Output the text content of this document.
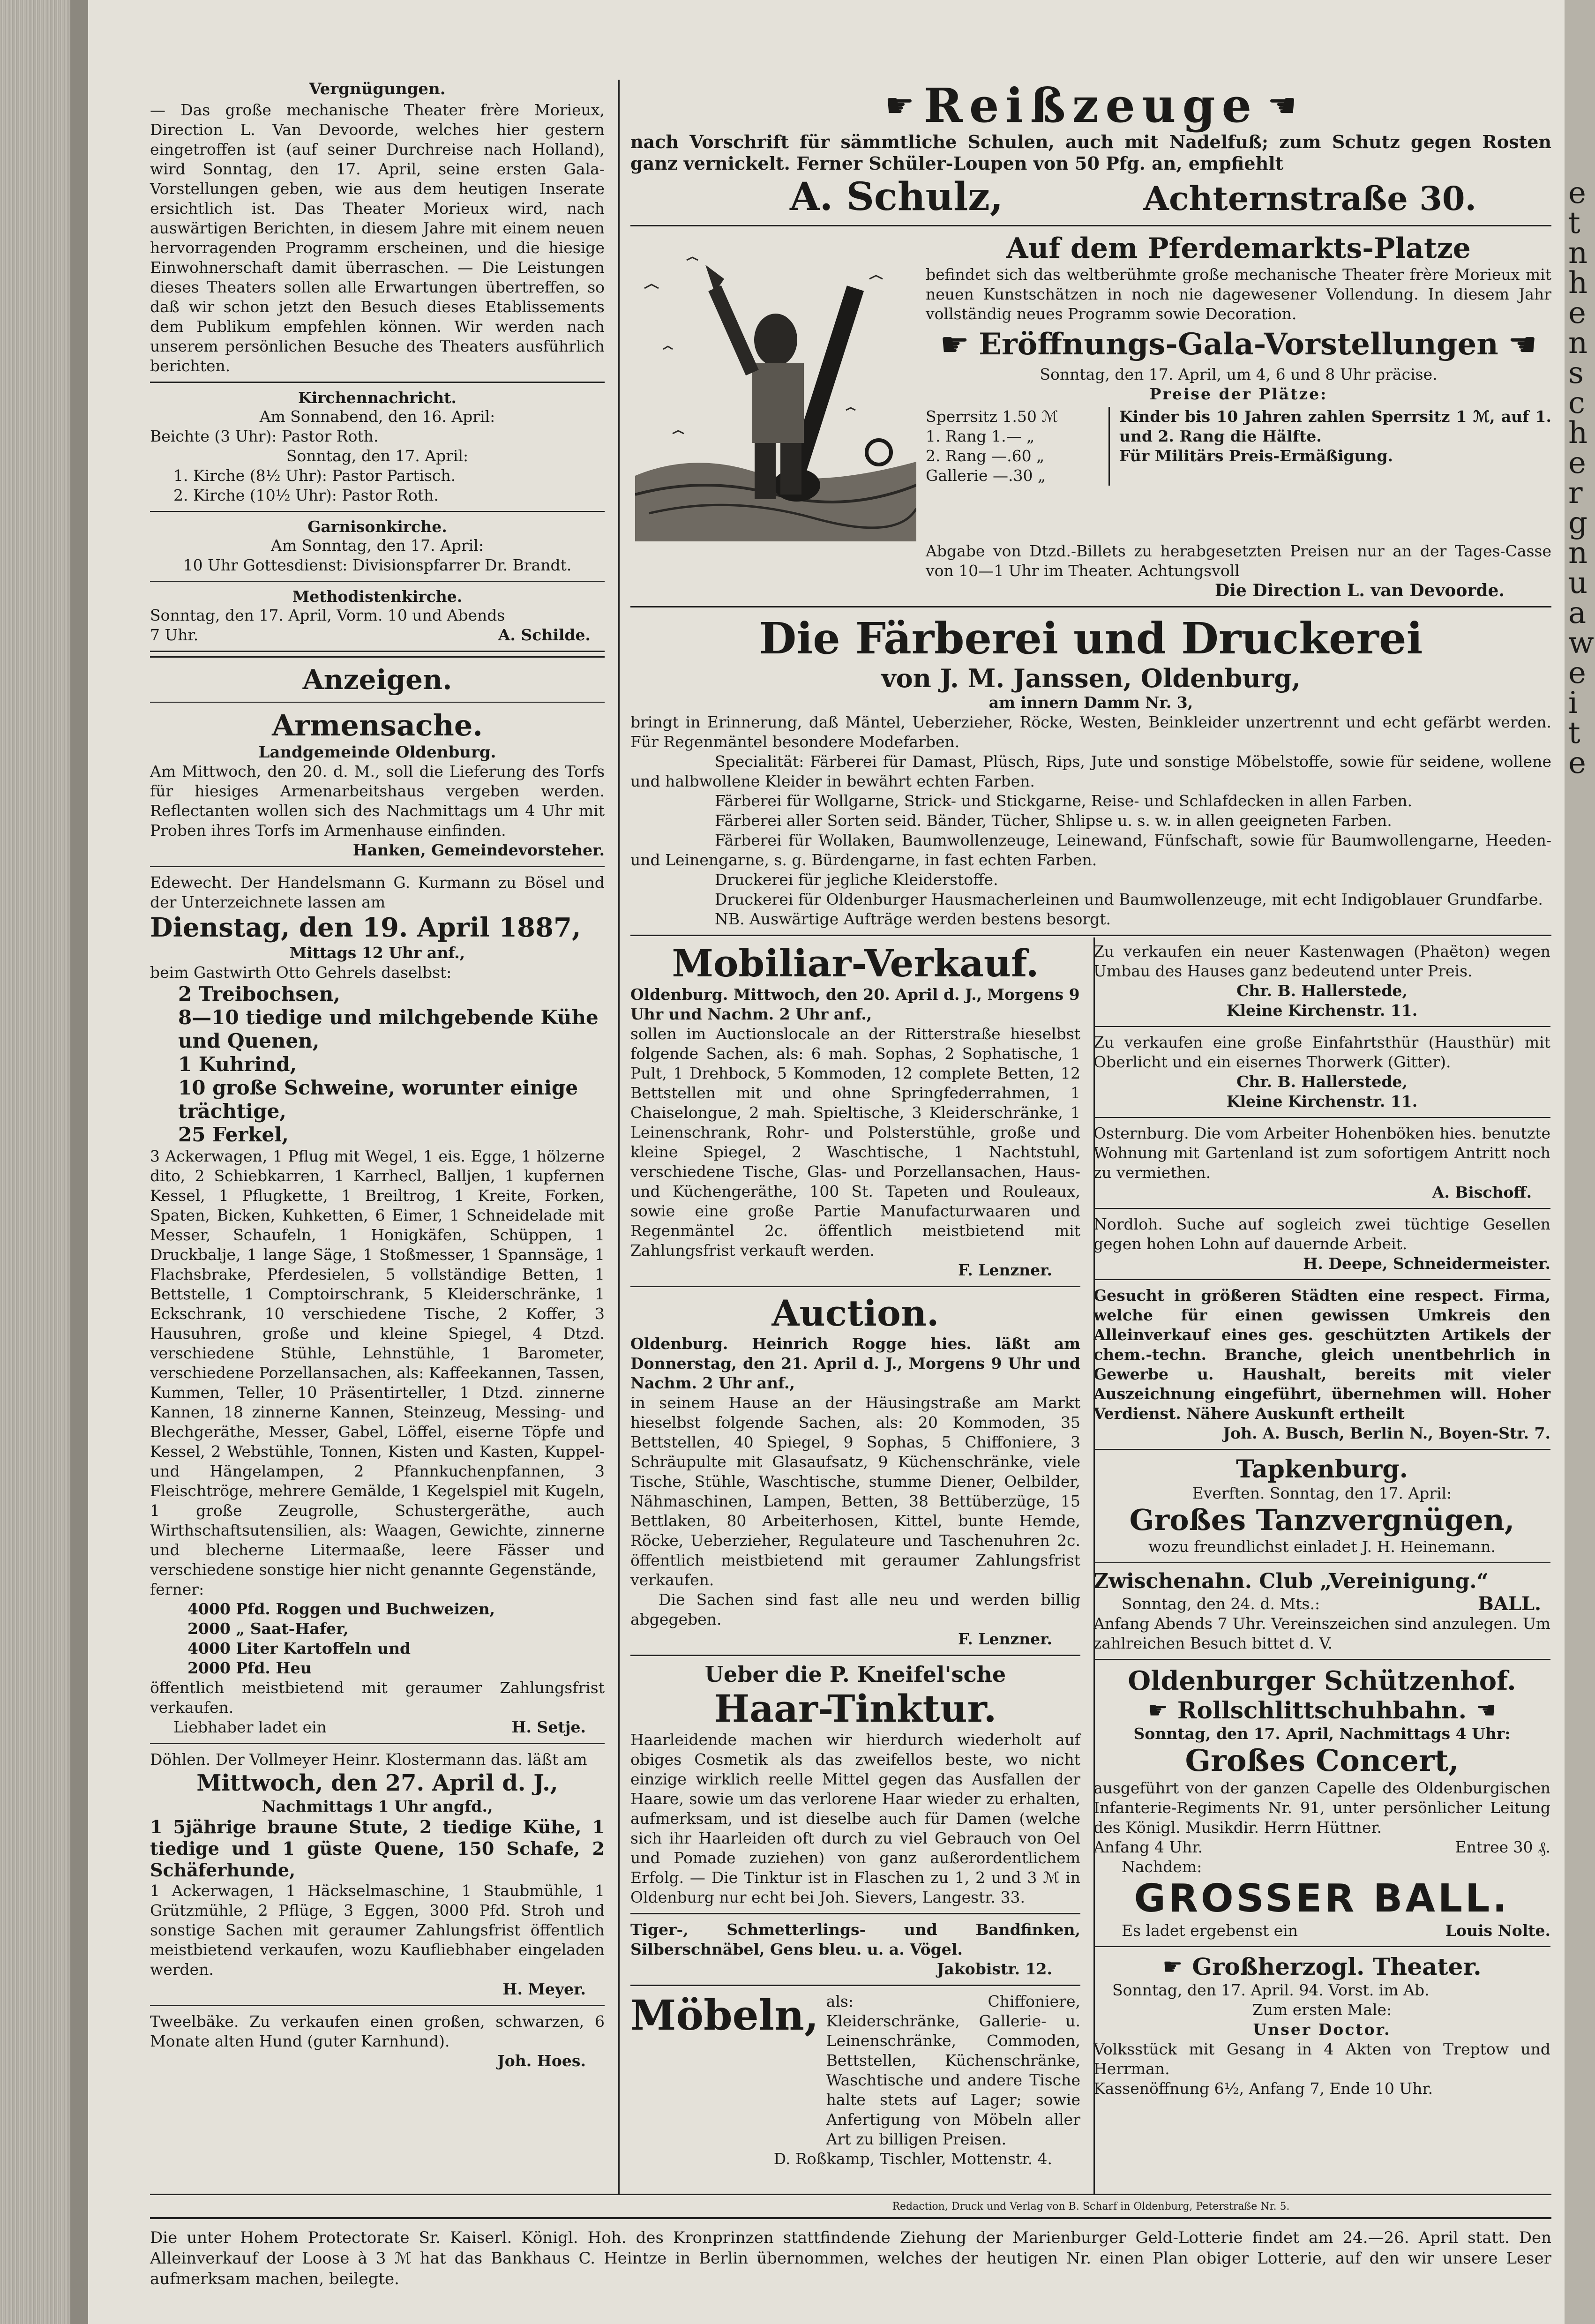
e
t
n
h
e
n
s
c
h
e
r
g
n
u
a
w
e
i
t
e
Vergnügungen.

— Das große mechanische Theater frère Morieux, Direction L. Van Devoorde, welches hier gestern eingetroffen ist (auf seiner Durchreise nach Holland), wird Sonntag, den 17. April, seine ersten Gala-Vorstellungen geben, wie aus dem heutigen Inserate ersichtlich ist. Das Theater Morieux wird, nach auswärtigen Berichten, in diesem Jahre mit einem neuen hervorragenden Programm erscheinen, und die hiesige Einwohnerschaft damit überraschen. — Die Leistungen dieses Theaters sollen alle Erwartungen übertreffen, so daß wir schon jetzt den Besuch dieses Etablissements dem Publikum empfehlen können. Wir werden nach unserem persönlichen Besuche des Theaters ausführlich berichten.

Kirchennachricht.
Am Sonnabend, den 16. April:
Beichte (3 Uhr): Pastor Roth.
Sonntag, den 17. April:
1. Kirche (8½ Uhr): Pastor Partisch.
2. Kirche (10½ Uhr): Pastor Roth.
Garnisonkirche.
Am Sonntag, den 17. April:
10 Uhr Gottesdienst: Divisionspfarrer Dr. Brandt.
Methodistenkirche.
Sonntag, den 17. April, Vorm. 10 und Abends
7 Uhr.	A. Schilde.
Anzeigen.
Armensache.
Landgemeinde Oldenburg.

Am Mittwoch, den 20. d. M., soll die Lieferung des Torfs für hiesiges Armenarbeitshaus vergeben werden. Reflectanten wollen sich des Nachmittags um 4 Uhr mit Proben ihres Torfs im Armenhause einfinden.

Hanken, Gemeindevorsteher.

Edewecht. Der Handelsmann G. Kurmann zu Bösel und der Unterzeichnete lassen am

Dienstag, den 19. April 1887,
Mittags 12 Uhr anf.,
beim Gastwirth Otto Gehrels daselbst:
2 Treibochsen,
8—10 tiedige und milchgebende Kühe und Quenen,
1 Kuhrind,
10 große Schweine, worunter einige trächtige,
25 Ferkel,

3 Ackerwagen, 1 Pflug mit Wegel, 1 eis. Egge, 1 hölzerne dito, 2 Schiebkarren, 1 Karrhecl, Balljen, 1 kupfernen Kessel, 1 Pflugkette, 1 Breiltrog, 1 Kreite, Forken, Spaten, Bicken, Kuhketten, 6 Eimer, 1 Schneidelade mit Messer, Schaufeln, 1 Honigkäfen, Schüppen, 1 Druckbalje, 1 lange Säge, 1 Stoßmesser, 1 Spannsäge, 1 Flachsbrake, Pferdesielen, 5 vollständige Betten, 1 Bettstelle, 1 Comptoirschrank, 5 Kleiderschränke, 1 Eckschrank, 10 verschiedene Tische, 2 Koffer, 3 Hausuhren, große und kleine Spiegel, 4 Dtzd. verschiedene Stühle, Lehnstühle, 1 Barometer, verschiedene Porzellansachen, als: Kaffeekannen, Tassen, Kummen, Teller, 10 Präsentirteller, 1 Dtzd. zinnerne Kannen, 18 zinnerne Kannen, Steinzeug, Messing- und Blechgeräthe, Messer, Gabel, Löffel, eiserne Töpfe und Kessel, 2 Webstühle, Tonnen, Kisten und Kasten, Kuppel- und Hängelampen, 2 Pfannkuchenpfannen, 3 Fleischtröge, mehrere Gemälde, 1 Kegelspiel mit Kugeln, 1 große Zeugrolle, Schustergeräthe, auch Wirthschaftsutensilien, als: Waagen, Gewichte, zinnerne und blecherne Litermaaße, leere Fässer und verschiedene sonstige hier nicht genannte Gegenstände,

ferner:
4000 Pfd. Roggen und Buchweizen,
2000 „ Saat-Hafer,
4000 Liter Kartoffeln und
2000 Pfd. Heu

öffentlich meistbietend mit geraumer Zahlungsfrist verkaufen.

Liebhaber ladet ein	H. Setje.

Döhlen. Der Vollmeyer Heinr. Klostermann das. läßt am

Mittwoch, den 27. April d. J.,
Nachmittags 1 Uhr angfd.,

1 5jährige braune Stute, 2 tiedige Kühe, 1 tiedige und 1 güste Quene, 150 Schafe, 2 Schäferhunde,

1 Ackerwagen, 1 Häckselmaschine, 1 Staubmühle, 1 Grützmühle, 2 Pflüge, 3 Eggen, 3000 Pfd. Stroh und sonstige Sachen mit geraumer Zahlungsfrist öffentlich meistbietend verkaufen, wozu Kaufliebhaber eingeladen werden.

H. Meyer.

Tweelbäke. Zu verkaufen einen großen, schwarzen, 6 Monate alten Hund (guter Karnhund).

Joh. Hoes.
☛ Reißzeuge ☚

nach Vorschrift für sämmtliche Schulen, auch mit Nadelfuß; zum Schutz gegen Rosten ganz vernickelt. Ferner Schüler-Loupen von 50 Pfg. an, empfiehlt

A. Schulz,	Achternstraße 30.
Auf dem Pferdemarkts-Platze

befindet sich das weltberühmte große mechanische Theater frère Morieux mit neuen Kunstschätzen in noch nie dagewesener Vollendung. In diesem Jahr vollständig neues Programm sowie Decoration.

☛ Eröffnungs-Gala-Vorstellungen ☚
Sonntag, den 17. April, um 4, 6 und 8 Uhr präcise.
Preise der Plätze:
Sperrsitz 1.50 ℳ
1. Rang 1.— „
2. Rang —.60 „
Gallerie —.30 „

Kinder bis 10 Jahren zahlen Sperrsitz 1 ℳ, auf 1. und 2. Rang die Hälfte.

Für Militärs Preis-Ermäßigung.

Abgabe von Dtzd.-Billets zu herabgesetzten Preisen nur an der Tages-Casse von 10—1 Uhr im Theater. Achtungsvoll

Die Direction L. van Devoorde.
Die Färberei und Druckerei
von J. M. Janssen, Oldenburg,
am innern Damm Nr. 3,

bringt in Erinnerung, daß Mäntel, Ueberzieher, Röcke, Westen, Beinkleider unzertrennt und echt gefärbt werden. Für Regenmäntel besondere Modefarben.

Specialität: Färberei für Damast, Plüsch, Rips, Jute und sonstige Möbelstoffe, sowie für seidene, wollene und halbwollene Kleider in bewährt echten Farben.

Färberei für Wollgarne, Strick- und Stickgarne, Reise- und Schlafdecken in allen Farben.

Färberei aller Sorten seid. Bänder, Tücher, Shlipse u. s. w. in allen geeigneten Farben.

Färberei für Wollaken, Baumwollenzeuge, Leinewand, Fünfschaft, sowie für Baumwollengarne, Heeden- und Leinengarne, s. g. Bürdengarne, in fast echten Farben.

Druckerei für jegliche Kleiderstoffe.

Druckerei für Oldenburger Hausmacherleinen und Baumwollenzeuge, mit echt Indigoblauer Grundfarbe.

NB. Auswärtige Aufträge werden bestens besorgt.
Mobiliar-Verkauf.

Oldenburg. Mittwoch, den 20. April d. J., Morgens 9 Uhr und Nachm. 2 Uhr anf.,

sollen im Auctionslocale an der Ritterstraße hieselbst folgende Sachen, als: 6 mah. Sophas, 2 Sophatische, 1 Pult, 1 Drehbock, 5 Kommoden, 12 complete Betten, 12 Bettstellen mit und ohne Springfederrahmen, 1 Chaiselongue, 2 mah. Spieltische, 3 Kleiderschränke, 1 Leinenschrank, Rohr- und Polsterstühle, große und kleine Spiegel, 2 Waschtische, 1 Nachtstuhl, verschiedene Tische, Glas- und Porzellansachen, Haus- und Küchengeräthe, 100 St. Tapeten und Rouleaux, sowie eine große Partie Manufacturwaaren und Regenmäntel 2c. öffentlich meistbietend mit Zahlungsfrist verkauft werden.

F. Lenzner.
Auction.

Oldenburg. Heinrich Rogge hies. läßt am Donnerstag, den 21. April d. J., Morgens 9 Uhr und Nachm. 2 Uhr anf.,

in seinem Hause an der Häusingstraße am Markt hieselbst folgende Sachen, als: 20 Kommoden, 35 Bettstellen, 40 Spiegel, 9 Sophas, 5 Chiffoniere, 3 Schräupulte mit Glasaufsatz, 9 Küchenschränke, viele Tische, Stühle, Waschtische, stumme Diener, Oelbilder, Nähmaschinen, Lampen, Betten, 38 Bettüberzüge, 15 Bettlaken, 80 Arbeiterhosen, Kittel, bunte Hemde, Röcke, Ueberzieher, Regulateure und Taschenuhren 2c. öffentlich meistbietend mit geraumer Zahlungsfrist verkaufen.

Die Sachen sind fast alle neu und werden billig abgegeben.

F. Lenzner.
Ueber die P. Kneifel'sche
Haar-Tinktur.

Haarleidende machen wir hierdurch wiederholt auf obiges Cosmetik als das zweifellos beste, wo nicht einzige wirklich reelle Mittel gegen das Ausfallen der Haare, sowie um das verlorene Haar wieder zu erhalten, aufmerksam, und ist dieselbe auch für Damen (welche sich ihr Haarleiden oft durch zu viel Gebrauch von Oel und Pomade zuziehen) von ganz außerordentlichem Erfolg. — Die Tinktur ist in Flaschen zu 1, 2 und 3 ℳ in Oldenburg nur echt bei Joh. Sievers, Langestr. 33.

Tiger-, Schmetterlings- und Bandfinken, Silberschnäbel, Gens bleu. u. a. Vögel.

Jakobistr. 12.
Möbeln, als: Chiffoniere, Kleiderschränke, Gallerie- u. Leinenschränke, Commoden, Bettstellen, Küchenschränke, Waschtische und andere Tische halte stets auf Lager; sowie Anfertigung von Möbeln aller Art zu billigen Preisen.

D. Roßkamp, Tischler, Mottenstr. 4.

Zu verkaufen ein neuer Kastenwagen (Phaëton) wegen Umbau des Hauses ganz bedeutend unter Preis.

Chr. B. Hallerstede,
Kleine Kirchenstr. 11.

Zu verkaufen eine große Einfahrtsthür (Hausthür) mit Oberlicht und ein eisernes Thorwerk (Gitter).

Chr. B. Hallerstede,
Kleine Kirchenstr. 11.

Osternburg. Die vom Arbeiter Hohenböken hies. benutzte Wohnung mit Gartenland ist zum sofortigem Antritt noch zu vermiethen.

A. Bischoff.

Nordloh. Suche auf sogleich zwei tüchtige Gesellen gegen hohen Lohn auf dauernde Arbeit.

H. Deepe, Schneidermeister.

Gesucht in größeren Städten eine respect. Firma, welche für einen gewissen Umkreis den Alleinverkauf eines ges. geschützten Artikels der chem.-techn. Branche, gleich unentbehrlich in Gewerbe u. Haushalt, bereits mit vieler Auszeichnung eingeführt, übernehmen will. Hoher Verdienst. Nähere Auskunft ertheilt

Joh. A. Busch, Berlin N., Boyen-Str. 7.
Tapkenburg.
Everften. Sonntag, den 17. April:
Großes Tanzvergnügen,
wozu freundlichst einladet J. H. Heinemann.
Zwischenahn. Club „Vereinigung.“
Sonntag, den 24. d. Mts.:	BALL.

Anfang Abends 7 Uhr. Vereinszeichen sind anzulegen. Um zahlreichen Besuch bittet d. V.

Oldenburger Schützenhof.
☛ Rollschlittschuhbahn. ☚
Sonntag, den 17. April, Nachmittags 4 Uhr:
Großes Concert,

ausgeführt von der ganzen Capelle des Oldenburgischen Infanterie-Regiments Nr. 91, unter persönlicher Leitung des Königl. Musikdir. Herrn Hüttner.

Anfang 4 Uhr.	Entree 30 ₰.
Nachdem:
GROSSER BALL.
Es ladet ergebenst ein	Louis Nolte.
☛ Großherzogl. Theater.
Sonntag, den 17. April. 94. Vorst. im Ab.
Zum ersten Male:
Unser Doctor.

Volksstück mit Gesang in 4 Akten von Treptow und Herrman.

Kassenöffnung 6½, Anfang 7, Ende 10 Uhr.
Redaction, Druck und Verlag von B. Scharf in Oldenburg, Peterstraße Nr. 5.
Die unter Hohem Protectorate Sr. Kaiserl. Königl. Hoh. des Kronprinzen stattfindende Ziehung der Marienburger Geld-Lotterie findet am 24.—26. April statt. Den Alleinverkauf der Loose à 3 ℳ hat das Bankhaus C. Heintze in Berlin übernommen, welches der heutigen Nr. einen Plan obiger Lotterie, auf den wir unsere Leser aufmerksam machen, beilegte.
